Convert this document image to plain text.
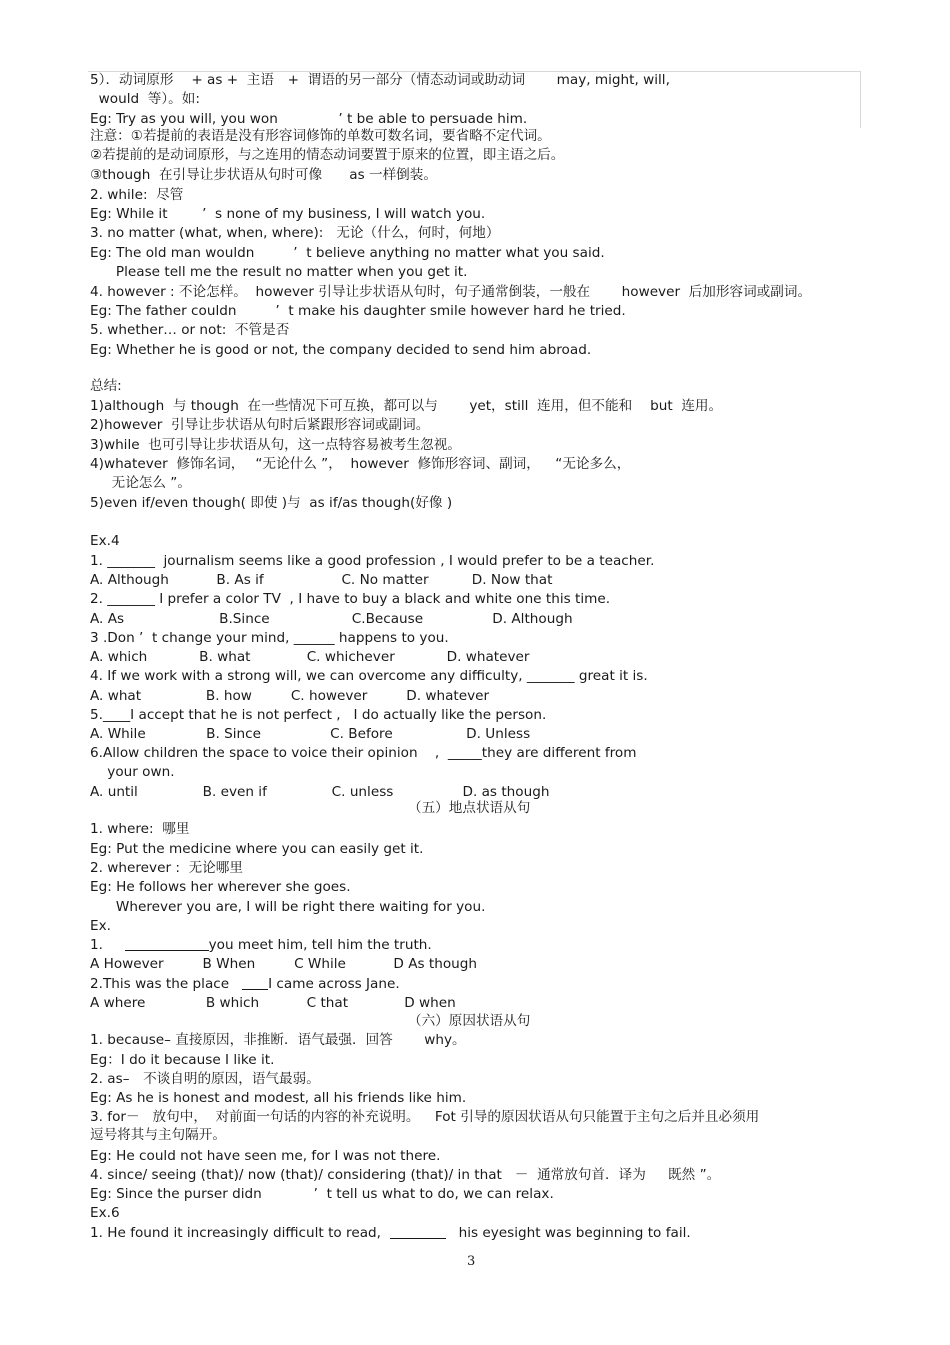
5）．动词原形　 + as +  主语　+  谓语的另一部分（情态动词或助动词　　 may, might, will,
would  等）。如:
Eg: Try as you will, you won              ’ t be able to persuade him.
注意：①若提前的表语是没有形容词修饰的单数可数名词，要省略不定代词。
②若提前的是动词原形，与之连用的情态动词要置于原来的位置，即主语之后。
③though  在引导让步状语从句时可像　　as 一样倒装。
2. while:  尽管
Eg: While it        ’  s none of my business, I will watch you.
3. no matter (what, when, where):   无论（什么，何时，何地）
Eg: The old man wouldn         ’  t believe anything no matter what you said.
Please tell me the result no matter when you get it.
4. however : 不论怎样。  however 引导让步状语从句时，句子通常倒装，一般在　　 however  后加形容词或副词。
Eg: The father couldn         ’  t make his daughter smile however hard he tried.
5. whether… or not:  不管是否
Eg: Whether he is good or not, the company decided to send him abroad.
总结:
1)although  与 though  在一些情况下可互换，都可以与　　 yet，still  连用，但不能和　 but  连用。
2)however  引导让步状语从句时后紧跟形容词或副词。
3)while  也可引导让步状语从句，这一点特容易被考生忽视。
4)whatever  修饰名词，　 “无论什么 ”，  however  修饰形容词、副词，　  “无论多么，
无论怎么 ”。
5)even if/even though( 即使 )与  as if/as though(好像 )
Ex.4
1. _______  journalism seems like a good profession , I would prefer to be a teacher.
A. Although           B. As if                  C. No matter          D. Now that
2. _______ I prefer a color TV  , I have to buy a black and white one this time.
A. As                      B.Since                   C.Because                D. Although
3 .Don ’  t change your mind, ______ happens to you.
A. which            B. what             C. whichever            D. whatever
4. If we work with a strong will, we can overcome any difficulty, _______ great it is.
A. what               B. how         C. however         D. whatever
5.____I accept that he is not perfect ,   I do actually like the person.
A. While              B. Since                C. Before                 D. Unless
6.Allow children the space to voice their opinion    ,  _____they are different from
your own.
A. until               B. even if               C. unless                D. as though
1. where:  哪里
Eg: Put the medicine where you can easily get it.
2. wherever :  无论哪里
Eg: He follows her wherever she goes.
Wherever you are, I will be right there waiting for you.
Ex.
A However         B When         C While           D As though
A where              B which           C that             D when
1. because– 直接原因，非推断．语气最强．回答　　 why。
Eg：I do it because I like it.
2. as–　不谈自明的原因，语气最弱。
Eg: As he is honest and modest, all his friends like him.
3. for－   放句中，  对前面一句话的内容的补充说明。　  Fot 引导的原因状语从句只能置于主句之后并且必须用
逗号将其与主句隔开。
Eg: He could not have seen me, for I was not there.
4. since/ seeing (that)/ now (that)/ considering (that)/ in that   －  通常放句首．译为　  既然 ”。
Eg: Since the purser didn            ’  t tell us what to do, we can relax.
Ex.6
1.	you meet him, tell him the truth.
2.This was the place   I came across Jane.
1. He found it increasingly difficult to read,	his eyesight was beginning to fail.
（五）地点状语从句
（六）原因状语从句
3
